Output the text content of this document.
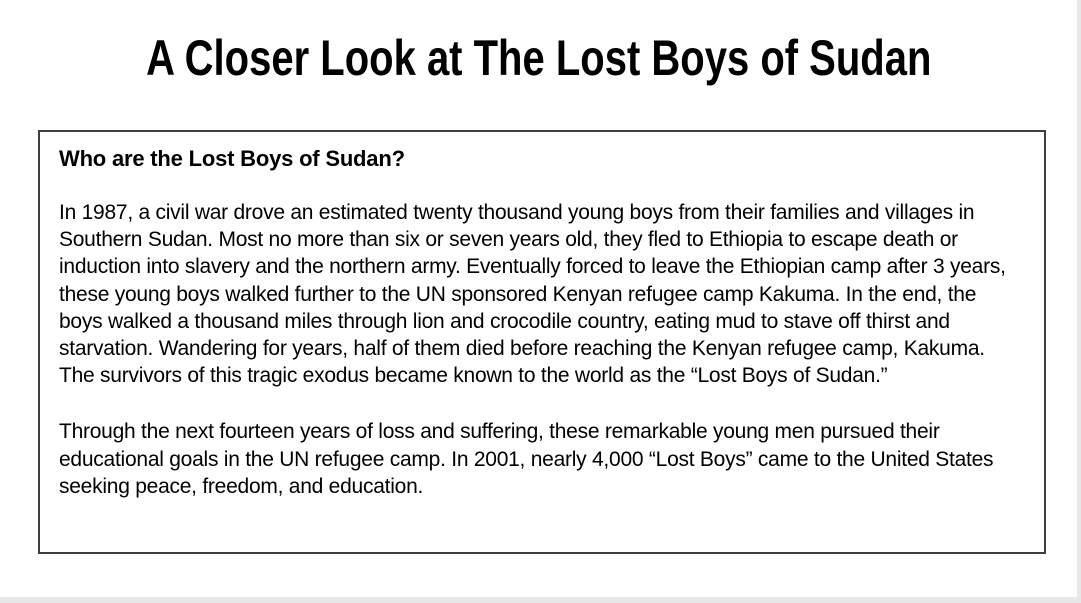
A Closer Look at The Lost Boys of Sudan

Who are the Lost Boys of Sudan?

In 1987, a civil war drove an estimated twenty thousand young boys from their families and villages in Southern Sudan. Most no more than six or seven years old, they fled to Ethiopia to escape death or induction into slavery and the northern army. Eventually forced to leave the Ethiopian camp after 3 years, these young boys walked further to the UN sponsored Kenyan refugee camp Kakuma. In the end, the boys walked a thousand miles through lion and crocodile country, eating mud to stave off thirst and starvation. Wandering for years, half of them died before reaching the Kenyan refugee camp, Kakuma. The survivors of this tragic exodus became known to the world as the “Lost Boys of Sudan.”

Through the next fourteen years of loss and suffering, these remarkable young men pursued their educational goals in the UN refugee camp. In 2001, nearly 4,000 “Lost Boys” came to the United States seeking peace, freedom, and education.
